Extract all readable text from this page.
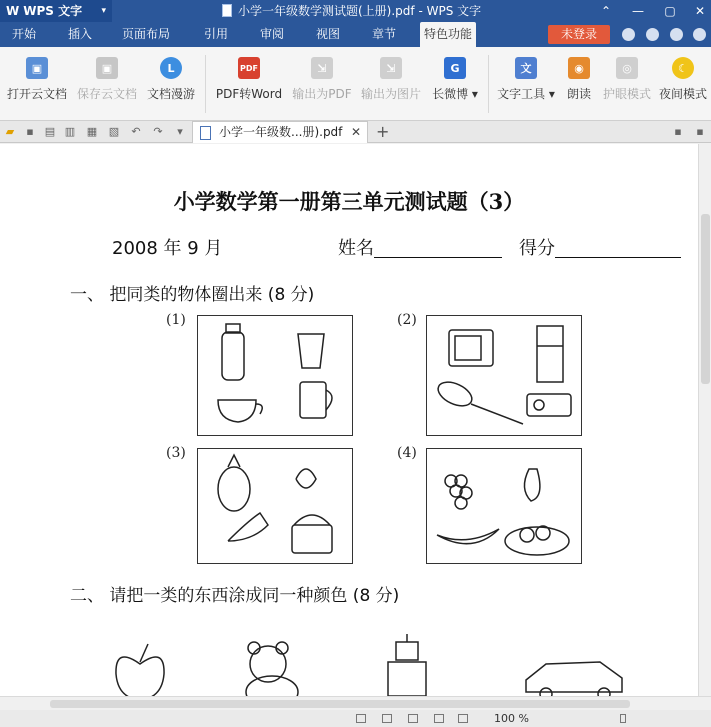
W WPS 文字 ▾	小学一年级数学测试题(上册).pdf - WPS 文字	⌃	—	▢	✕
开始	插入	页面布局	引用	审阅	视图	章节	特色功能	未登录
▣
打开云文档
▣
保存云文档
L
文档漫游
PDF
PDF转Word
⇲
输出为PDF
⇲
输出为图片
G
长微博 ▾
文
文字工具 ▾
◉
朗读
◎
护眼模式
☾
夜间模式
▰ ▪ ▤ ▥ ▦ ▧ ↶ ↷ ▾	小学一年级数...册).pdf ✕ +	▪ ▪
小学数学第一册第三单元测试题（3）
2008 年 9 月	姓名	得分
一、 把同类的物体圈出来 (8 分)
(1)	(2)
(3)	(4)
二、 请把一类的东西涂成同一种颜色 (8 分)
100 %
